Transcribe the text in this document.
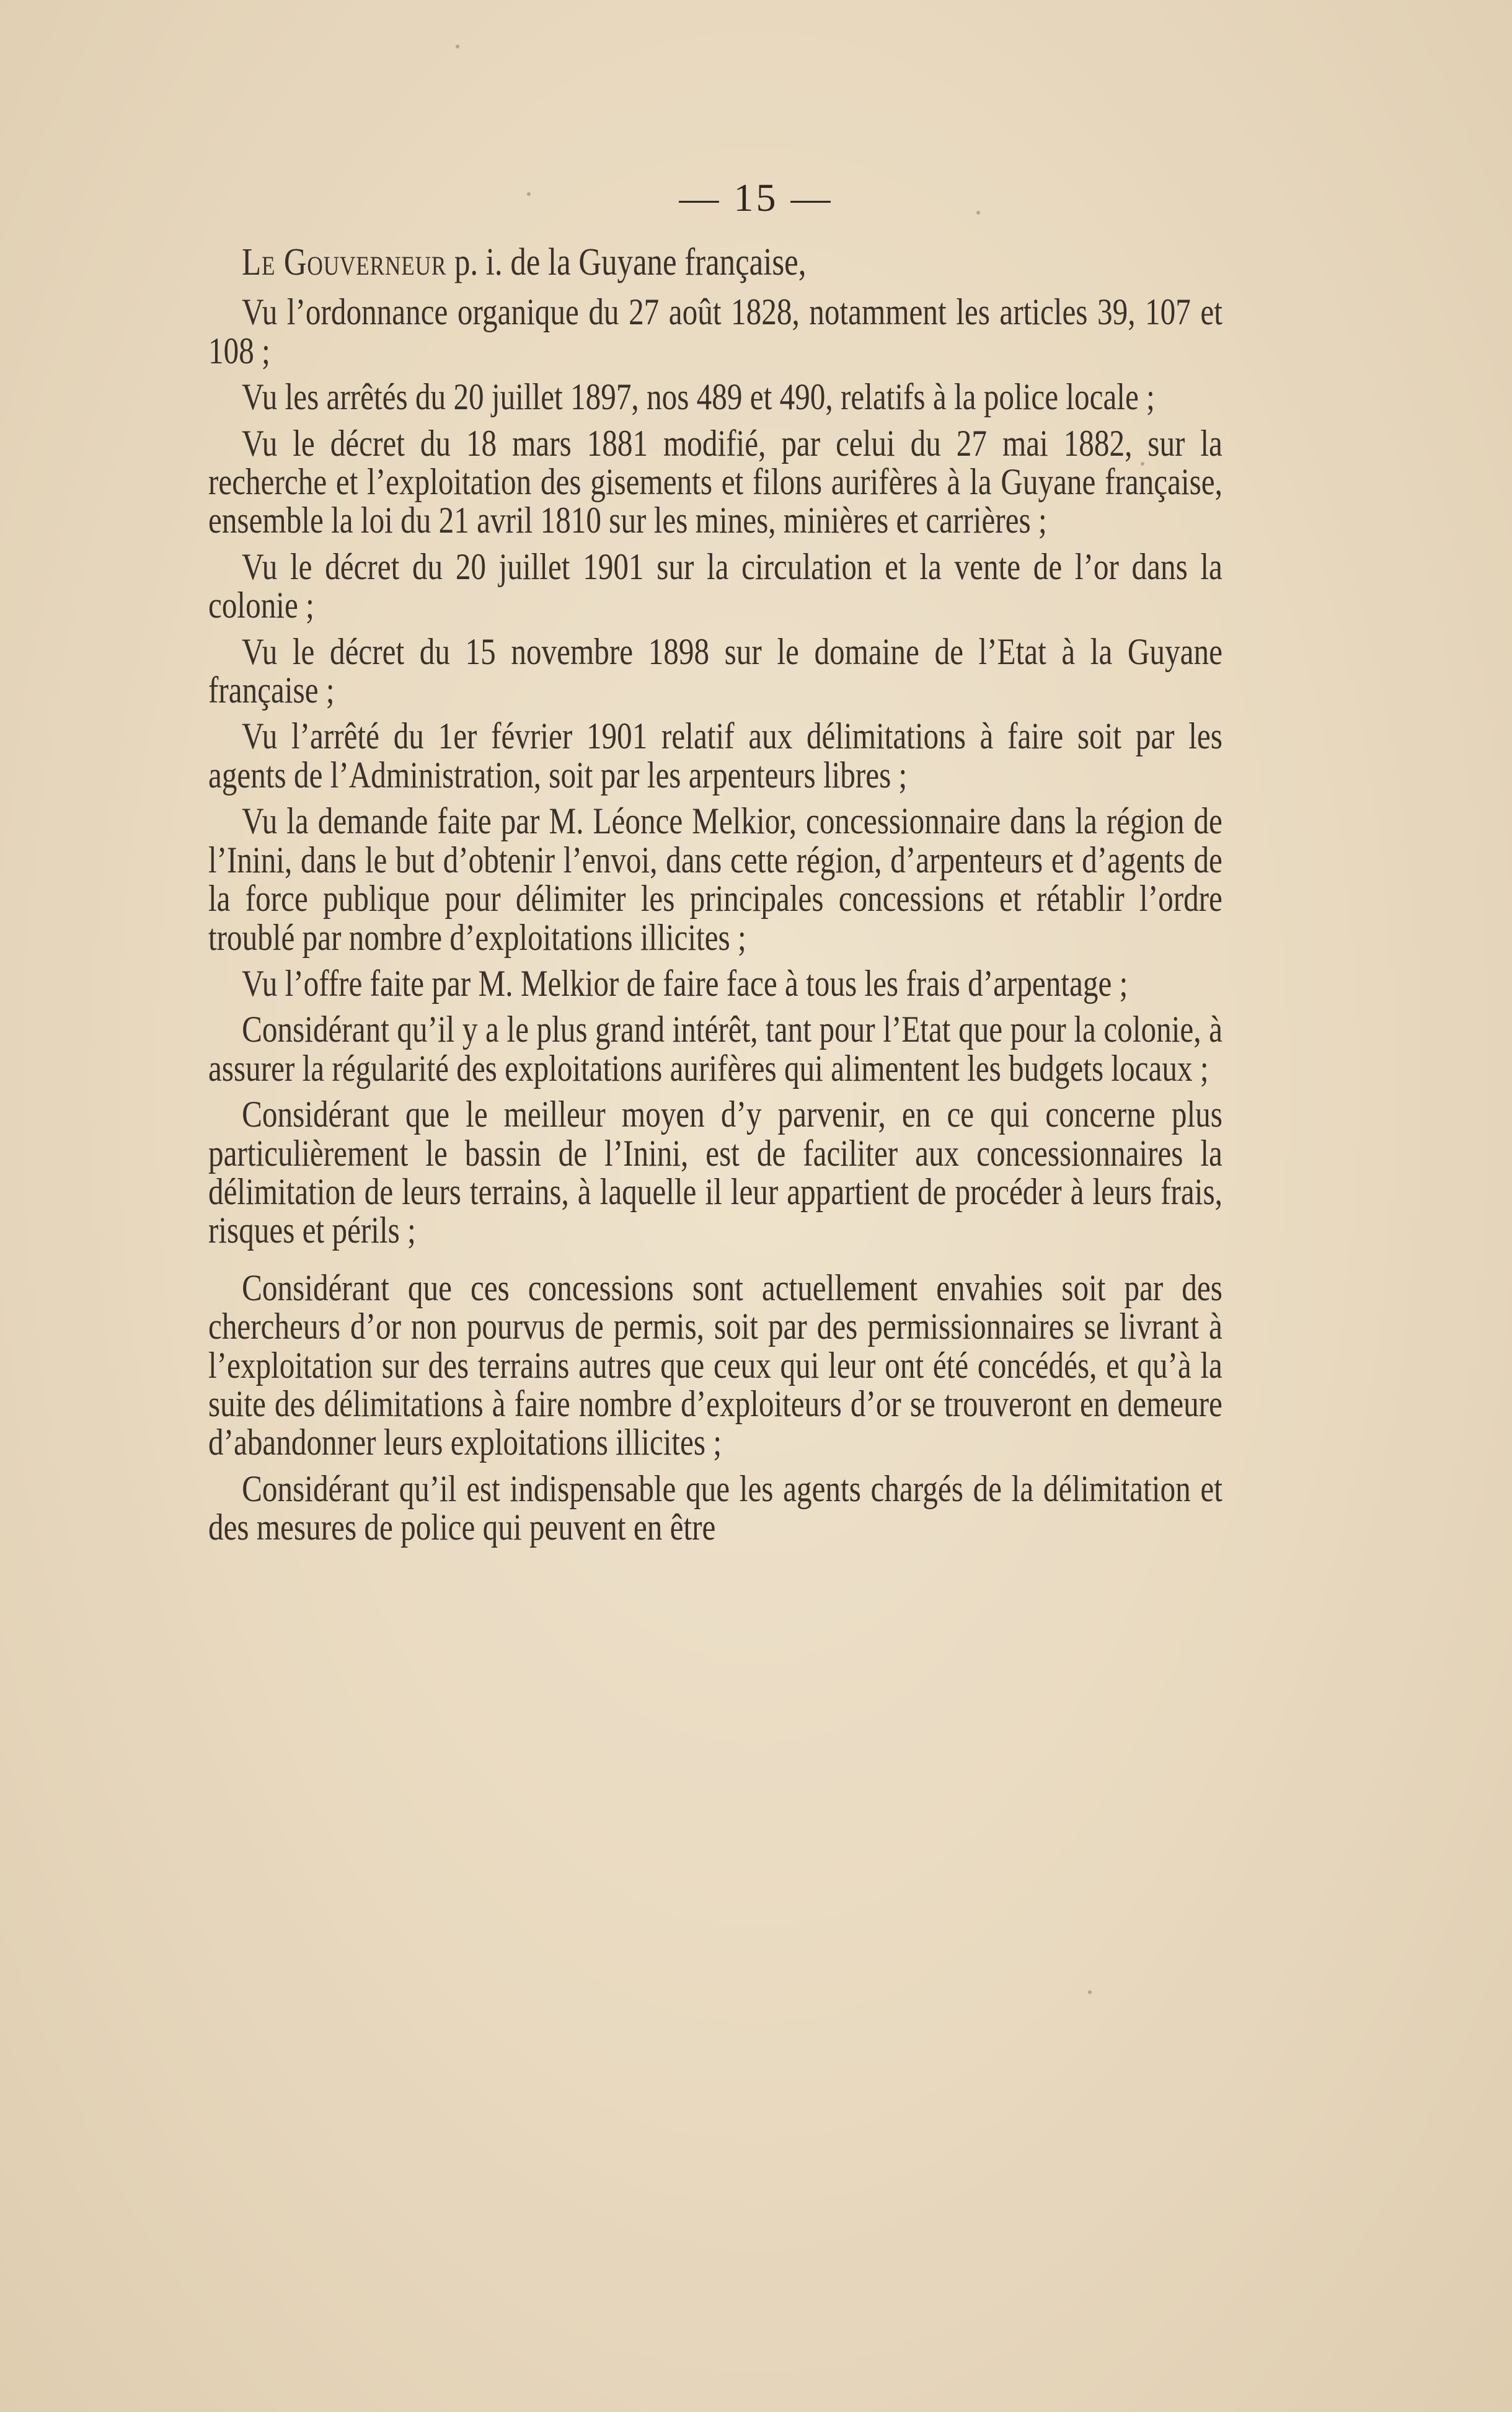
— 15 —

Le Gouverneur p. i. de la Guyane française,

Vu l’ordonnance organique du 27 août 1828, notamment les articles 39, 107 et 108 ;

Vu les arrêtés du 20 juillet 1897, nos 489 et 490, relatifs à la police locale ;

Vu le décret du 18 mars 1881 modifié, par celui du 27 mai 1882, sur la recherche et l’exploitation des gisements et filons aurifères à la Guyane française, ensemble la loi du 21 avril 1810 sur les mines, minières et carrières ;

Vu le décret du 20 juillet 1901 sur la circulation et la vente de l’or dans la colonie ;

Vu le décret du 15 novembre 1898 sur le domaine de l’Etat à la Guyane française ;

Vu l’arrêté du 1er février 1901 relatif aux délimitations à faire soit par les agents de l’Administration, soit par les arpenteurs libres ;

Vu la demande faite par M. Léonce Melkior, concessionnaire dans la région de l’Inini, dans le but d’obtenir l’envoi, dans cette région, d’arpenteurs et d’agents de la force publique pour délimiter les principales concessions et rétablir l’ordre troublé par nombre d’exploitations illicites ;

Vu l’offre faite par M. Melkior de faire face à tous les frais d’arpentage ;

Considérant qu’il y a le plus grand intérêt, tant pour l’Etat que pour la colonie, à assurer la régularité des exploitations aurifères qui alimentent les budgets locaux ;

Considérant que le meilleur moyen d’y parvenir, en ce qui concerne plus particulièrement le bassin de l’Inini, est de faciliter aux concessionnaires la délimitation de leurs terrains, à laquelle il leur appartient de procéder à leurs frais, risques et périls ;

Considérant que ces concessions sont actuellement envahies soit par des chercheurs d’or non pourvus de permis, soit par des permissionnaires se livrant à l’exploitation sur des terrains autres que ceux qui leur ont été concédés, et qu’à la suite des délimitations à faire nombre d’exploiteurs d’or se trouveront en demeure d’abandonner leurs exploitations illicites ;

Considérant qu’il est indispensable que les agents chargés de la délimitation et des mesures de police qui peuvent en être
